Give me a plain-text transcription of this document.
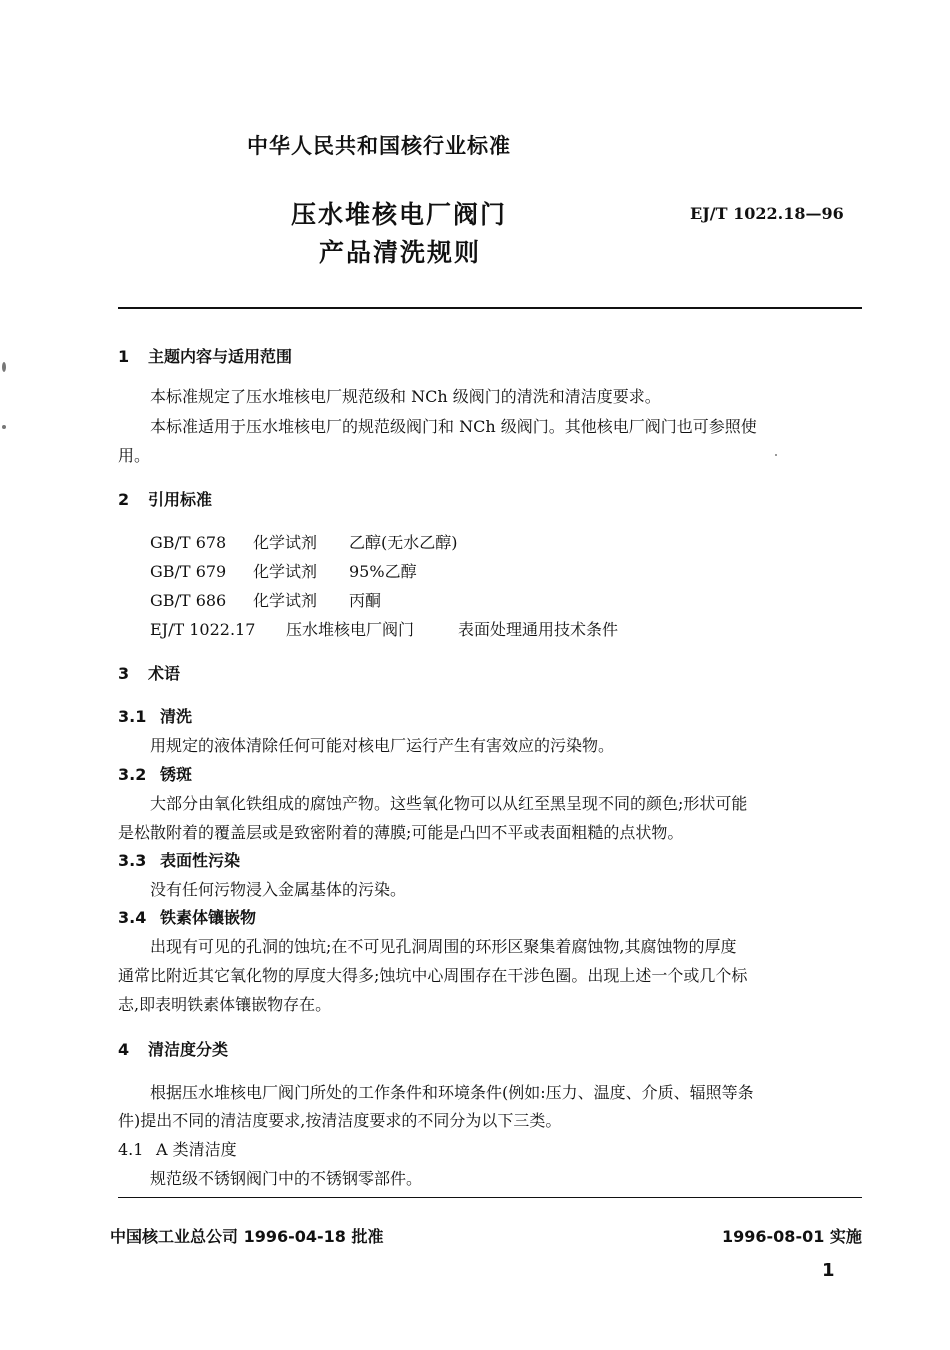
中华人民共和国核行业标准
压水堆核电厂阀门
产品清洗规则
EJ/T 1022.18—96
1 主题内容与适用范围
本标准规定了压水堆核电厂规范级和 NCh 级阀门的清洗和清洁度要求。
本标准适用于压水堆核电厂的规范级阀门和 NCh 级阀门。其他核电厂阀门也可参照使
用。
2 引用标准
GB/T 678 化学试剂 乙醇(无水乙醇)
GB/T 679 化学试剂 95%乙醇
GB/T 686 化学试剂 丙酮
EJ/T 1022.17 压水堆核电厂阀门	表面处理通用技术条件
3 术语
3.1 清洗
用规定的液体清除任何可能对核电厂运行产生有害效应的污染物。
3.2 锈斑
大部分由氧化铁组成的腐蚀产物。这些氧化物可以从红至黑呈现不同的颜色;形状可能
是松散附着的覆盖层或是致密附着的薄膜;可能是凸凹不平或表面粗糙的点状物。
3.3 表面性污染
没有任何污物浸入金属基体的污染。
3.4 铁素体镶嵌物
出现有可见的孔洞的蚀坑;在不可见孔洞周围的环形区聚集着腐蚀物,其腐蚀物的厚度
通常比附近其它氧化物的厚度大得多;蚀坑中心周围存在干涉色圈。出现上述一个或几个标
志,即表明铁素体镶嵌物存在。
4 清洁度分类
根据压水堆核电厂阀门所处的工作条件和环境条件(例如:压力、温度、介质、辐照等条
件)提出不同的清洁度要求,按清洁度要求的不同分为以下三类。
4.1 A 类清洁度
规范级不锈钢阀门中的不锈钢零部件。
中国核工业总公司 1996-04-18 批准	1996-08-01 实施
1
